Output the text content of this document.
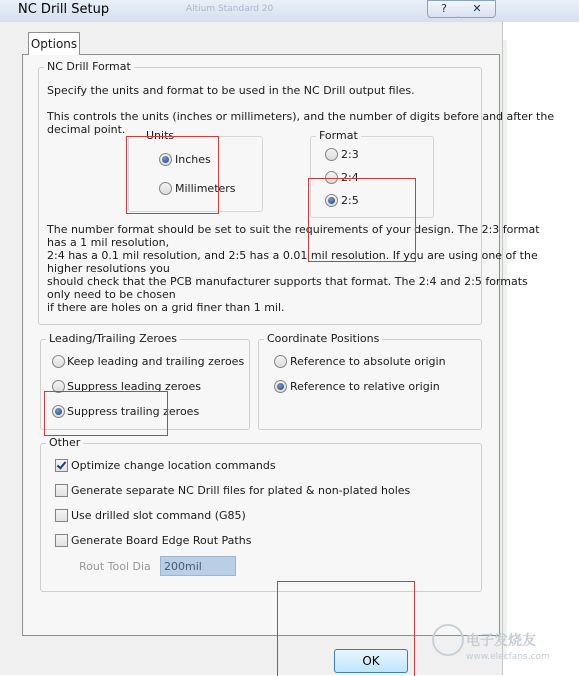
NC Drill Setup	Altium Standard 20	?	✕
Options
NC Drill Format
Specify the units and format to be used in the NC Drill output files.
This controls the units (inches or millimeters), and the number of digits before and after the
decimal point. Units
Inches
Millimeters
Format
2:3
2:4
2:5
The number format should be set to suit the requirements of your design. The 2:3 format
has a 1 mil resolution,
2:4 has a 0.1 mil resolution, and 2:5 has a 0.01 mil resolution. If you are using one of the
higher resolutions you
should check that the PCB manufacturer supports that format. The 2:4 and 2:5 formats
only need to be chosen
if there are holes on a grid finer than 1 mil.
Leading/Trailing Zeroes
Keep leading and trailing zeroes
Suppress leading zeroes
Suppress trailing zeroes
Coordinate Positions
Reference to absolute origin
Reference to relative origin
Other
Optimize change location commands
Generate separate NC Drill files for plated & non-plated holes
Use drilled slot command (G85)
Generate Board Edge Rout Paths
Rout Tool Dia	200mil
OK
电子发烧友
www.elecfans.com
